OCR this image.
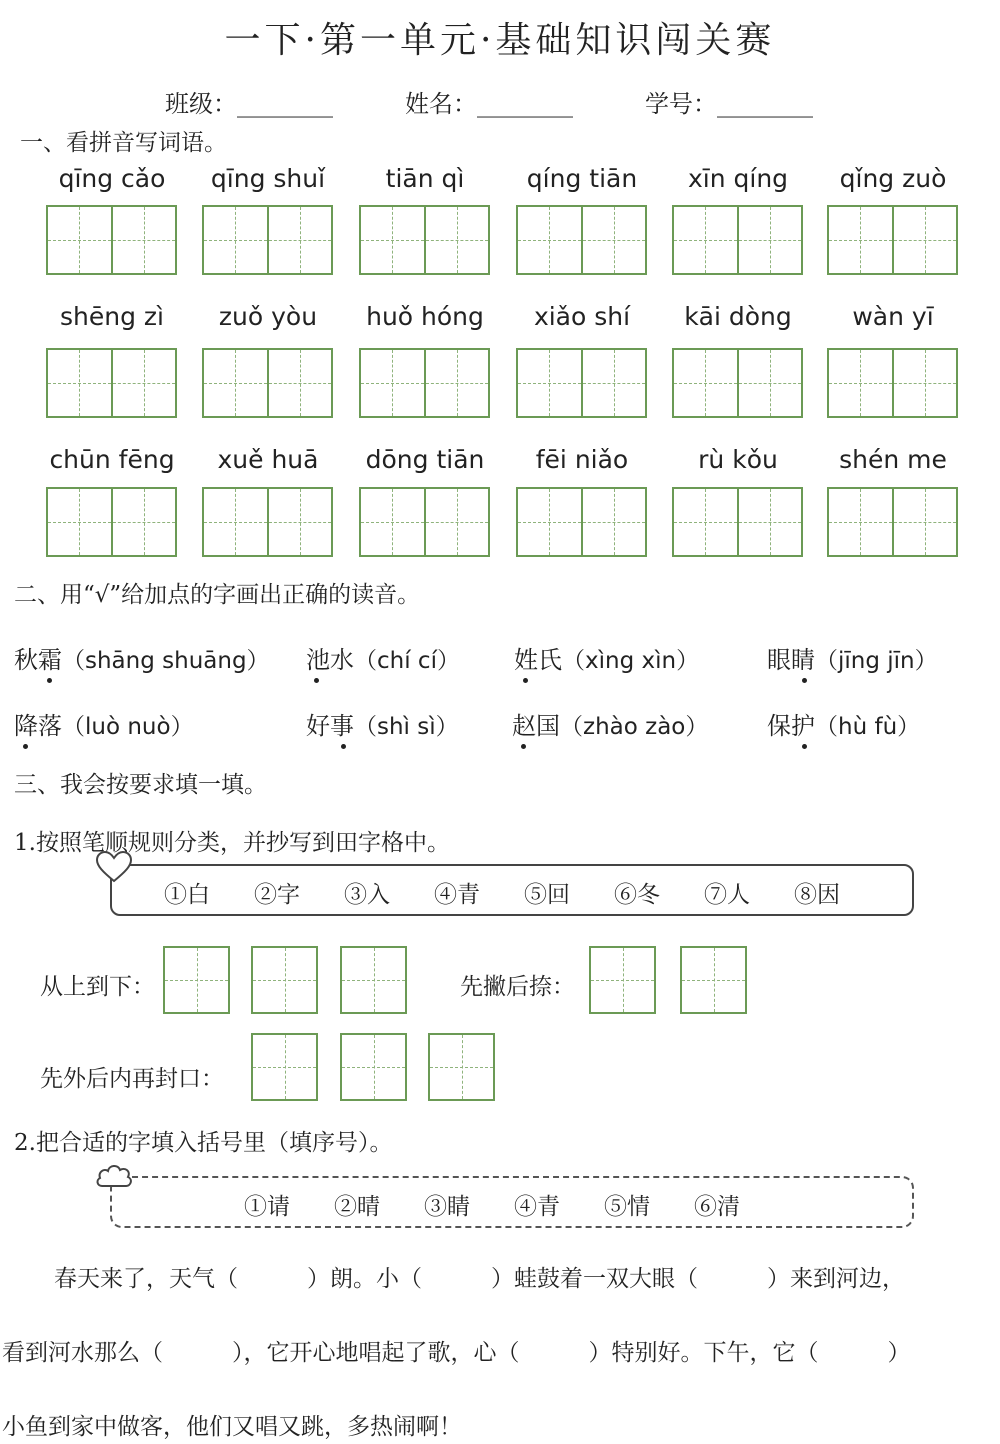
一下·第一单元·基础知识闯关赛
班级：________	姓名：________	学号：________
一、看拼音写词语。
qīng cǎo	qīng shuǐ	tiān qì	qíng tiān	xīn qíng	qǐng zuò
shēng zì	zuǒ yòu	huǒ hóng	xiǎo shí	kāi dòng	wàn yī
chūn fēng	xuě huā	dōng tiān	fēi niǎo	rù kǒu	shén me
二、用“√”给加点的字画出正确的读音。
秋霜（shāng shuāng） 池水（chí cí） 姓氏（xìng xìn）	眼睛（jīng jīn）
降落（luò nuò）	好事（shì sì） 赵国（zhào zào） 保护（hù fù）
三、我会按要求填一填。
1.按照笔顺规则分类，并抄写到田字格中。
①白 ②字 ③入 ④青 ⑤回 ⑥冬 ⑦人 ⑧因
从上到下：	先撇后捺：
先外后内再封口：
2.把合适的字填入括号里（填序号）。
①请 ②晴 ③睛 ④青 ⑤情 ⑥清
春天来了，天气（　　　）朗。小（　　　）蛙鼓着一双大眼（　　　）来到河边，
看到河水那么（　　　），它开心地唱起了歌，心（　　　）特别好。下午，它（　　　）
小鱼到家中做客，他们又唱又跳，多热闹啊！
